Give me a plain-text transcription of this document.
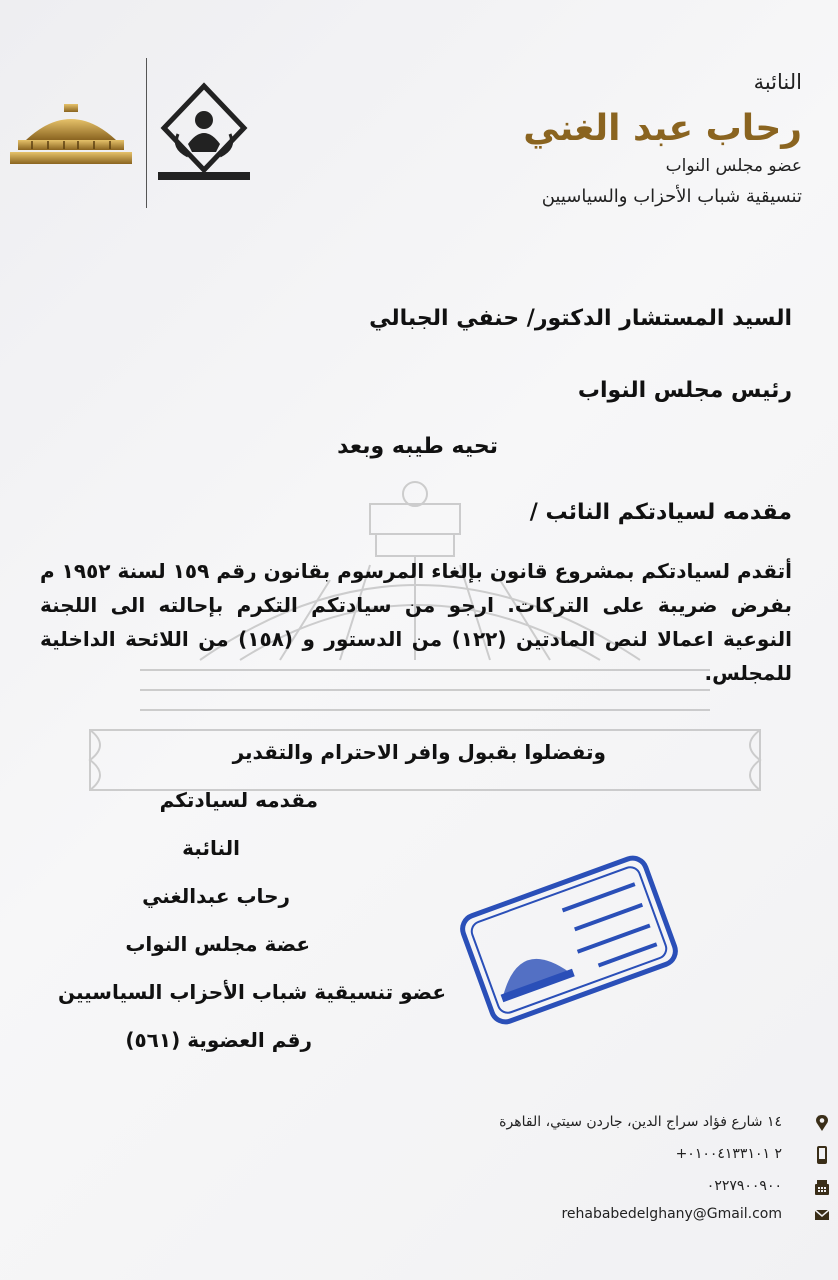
النائبة
رحاب عبد الغني
عضو مجلس النواب
تنسيقية شباب الأحزاب والسياسيين
السيد المستشار الدكتور/ حنفي الجبالي
رئيس مجلس النواب
تحيه طيبه وبعد
مقدمه لسيادتكم النائب /
أتقدم لسيادتكم بمشروع قانون بإلغاء المرسوم بقانون رقم ١٥٩ لسنة ١٩٥٢ م بفرض ضريبة على التركات. ارجو من سيادتكم التكرم بإحالته الى اللجنة النوعية اعمالا لنص المادتين (١٢٢) من الدستور و (١٥٨) من اللائحة الداخلية للمجلس.
وتفضلوا بقبول وافر الاحترام والتقدير
مقدمه لسيادتكم
النائبة
رحاب عبدالغني
عضة مجلس النواب
عضو تنسيقية شباب الأحزاب السياسيين
رقم العضوية (٥٦١)
١٤ شارع فؤاد سراج الدين، جاردن سيتي، القاهرة
+٢ ٠١٠٠٤١٣٣١٠١
٠٢٢٧٩٠٠٩٠٠
rehababedelghany@Gmail.com
